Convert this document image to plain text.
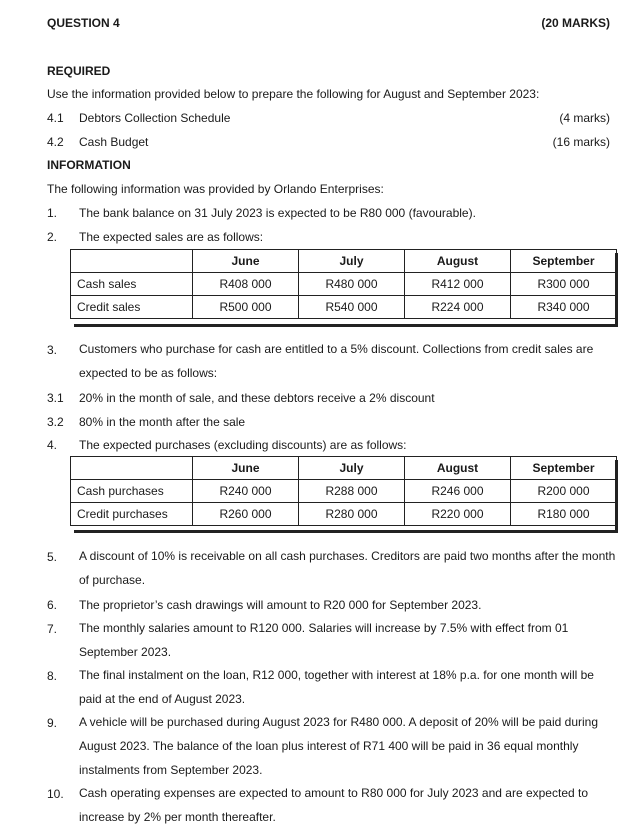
QUESTION 4	(20 MARKS)
REQUIRED
Use the information provided below to prepare the following for August and September 2023:
4.1 Debtors Collection Schedule	(4 marks)
4.2 Cash Budget	(16 marks)
INFORMATION
The following information was provided by Orlando Enterprises:
1.	The bank balance on 31 July 2023 is expected to be R80 000 (favourable).
2.	The expected sales are as follows:
	June	July	August	September
Cash sales	R408 000	R480 000	R412 000	R300 000
Credit sales	R500 000	R540 000	R224 000	R340 000
3.	Customers who purchase for cash are entitled to a 5% discount. Collections from credit sales are expected to be as follows:
3.1 20% in the month of sale, and these debtors receive a 2% discount
3.2 80% in the month after the sale
4.	The expected purchases (excluding discounts) are as follows:
	June	July	August	September
Cash purchases	R240 000	R288 000	R246 000	R200 000
Credit purchases	R260 000	R280 000	R220 000	R180 000
5.	A discount of 10% is receivable on all cash purchases. Creditors are paid two months after the month of purchase.
6.	The proprietor’s cash drawings will amount to R20 000 for September 2023.
7.	The monthly salaries amount to R120 000. Salaries will increase by 7.5% with effect from 01 September 2023.
8.	The final instalment on the loan, R12 000, together with interest at 18% p.a. for one month will be paid at the end of August 2023.
9.	A vehicle will be purchased during August 2023 for R480 000. A deposit of 20% will be paid during August 2023. The balance of the loan plus interest of R71 400 will be paid in 36 equal monthly instalments from September 2023.
10. Cash operating expenses are expected to amount to R80 000 for July 2023 and are expected to increase by 2% per month thereafter.
